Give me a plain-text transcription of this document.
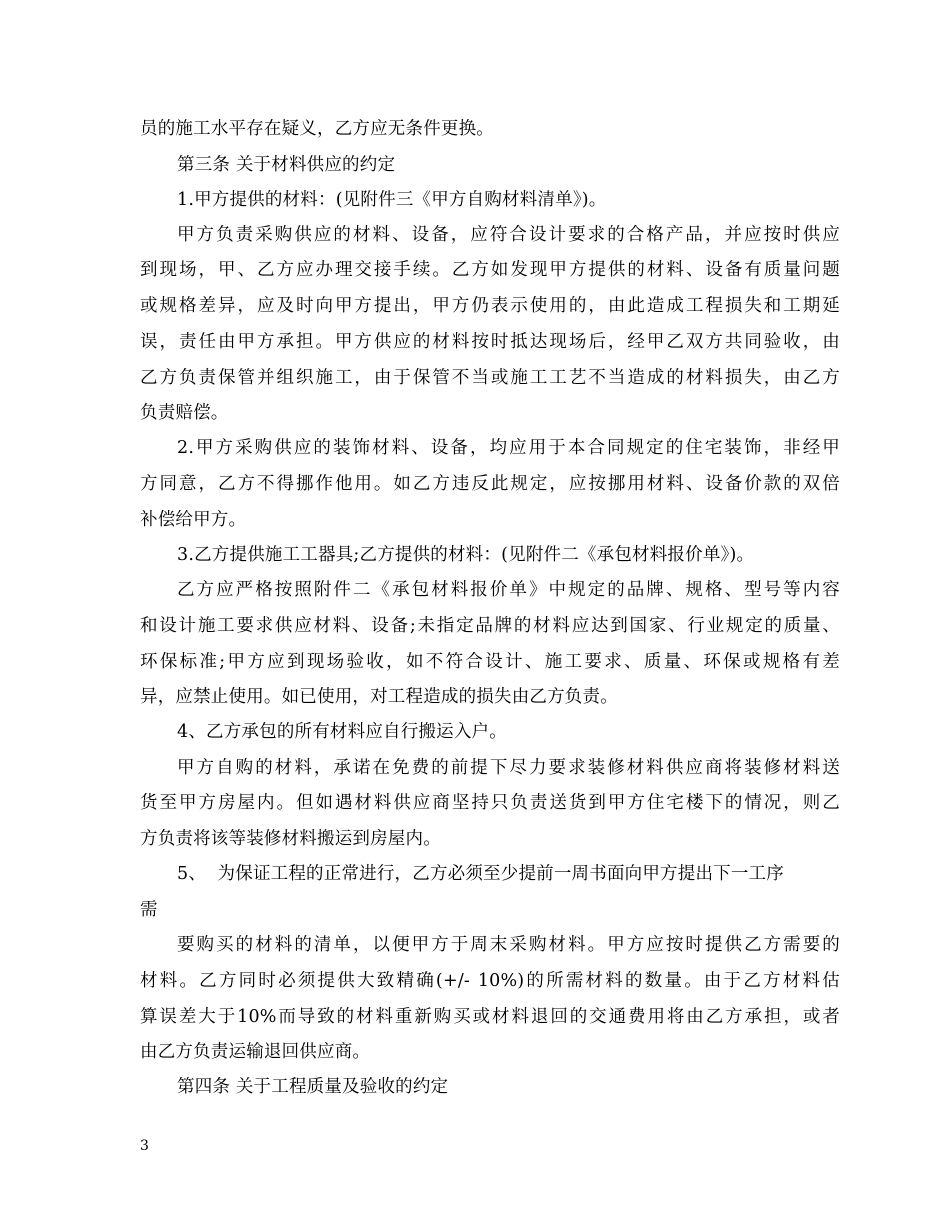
员的施工水平存在疑义，乙方应无条件更换。
第三条 关于材料供应的约定
1.甲方提供的材料：(见附件三《甲方自购材料清单》)。
甲方负责采购供应的材料、设备，应符合设计要求的合格产品，并应按时供应
到现场，甲、乙方应办理交接手续。乙方如发现甲方提供的材料、设备有质量问题
或规格差异，应及时向甲方提出，甲方仍表示使用的，由此造成工程损失和工期延
误，责任由甲方承担。甲方供应的材料按时抵达现场后，经甲乙双方共同验收，由
乙方负责保管并组织施工，由于保管不当或施工工艺不当造成的材料损失，由乙方
负责赔偿。
2.甲方采购供应的装饰材料、设备，均应用于本合同规定的住宅装饰，非经甲
方同意，乙方不得挪作他用。如乙方违反此规定，应按挪用材料、设备价款的双倍
补偿给甲方。
3.乙方提供施工工器具;乙方提供的材料：(见附件二《承包材料报价单》)。
乙方应严格按照附件二《承包材料报价单》中规定的品牌、规格、型号等内容
和设计施工要求供应材料、设备;未指定品牌的材料应达到国家、行业规定的质量、
环保标准;甲方应到现场验收，如不符合设计、施工要求、质量、环保或规格有差
异，应禁止使用。如已使用，对工程造成的损失由乙方负责。
4、乙方承包的所有材料应自行搬运入户。
甲方自购的材料，承诺在免费的前提下尽力要求装修材料供应商将装修材料送
货至甲方房屋内。但如遇材料供应商坚持只负责送货到甲方住宅楼下的情况，则乙
方负责将该等装修材料搬运到房屋内。
5、  为保证工程的正常进行，乙方必须至少提前一周书面向甲方提出下一工序
需
要购买的材料的清单，以便甲方于周末采购材料。甲方应按时提供乙方需要的
材料。乙方同时必须提供大致精确(+/- 10%)的所需材料的数量。由于乙方材料估
算误差大于10%而导致的材料重新购买或材料退回的交通费用将由乙方承担，或者
由乙方负责运输退回供应商。
第四条 关于工程质量及验收的约定
3
